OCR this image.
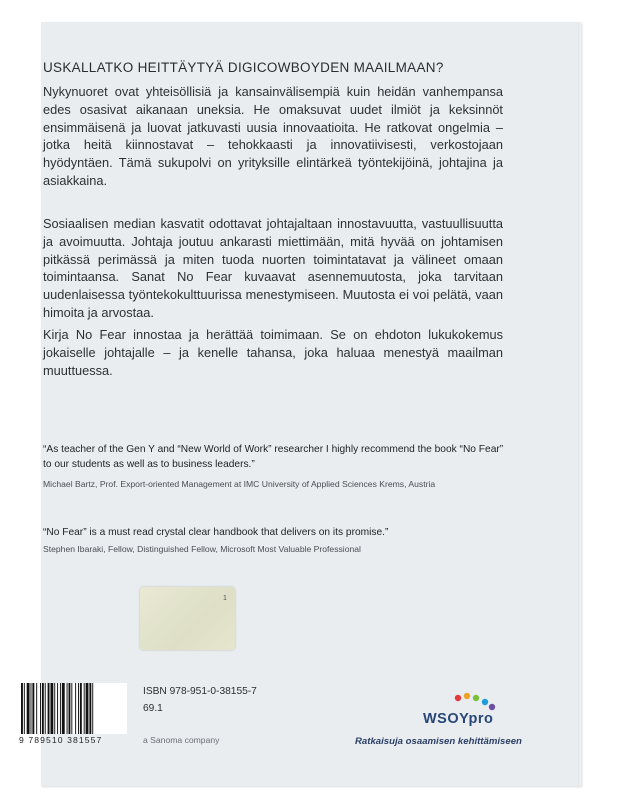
USKALLATKO HEITTÄYTYÄ DIGICOWBOYDEN MAAILMAAN?

Nykynuoret ovat yhteisöllisiä ja kansainvälisempiä kuin heidän vanhempansa edes osasivat aikanaan uneksia. He omaksuvat uudet ilmiöt ja keksinnöt ensimmäisenä ja luovat jatkuvasti uusia innovaatioita. He ratkovat ongelmia – jotka heitä kiinnostavat – tehokkaasti ja innovatiivisesti, verkostojaan hyödyntäen. Tämä sukupolvi on yrityksille elintärkeä työntekijöinä, johtajina ja asiakkaina.

Sosiaalisen median kasvatit odottavat johtajaltaan innostavuutta, vastuullisuutta ja avoimuutta. Johtaja joutuu ankarasti miettimään, mitä hyvää on johtamisen pitkässä perimässä ja miten tuoda nuorten toimintatavat ja välineet omaan toimintaansa. Sanat No Fear kuvaavat asennemuutosta, joka tarvitaan uudenlaisessa työntekokulttuurissa menestymiseen. Muutosta ei voi pelätä, vaan himoita ja arvostaa.

Kirja No Fear innostaa ja herättää toimimaan. Se on ehdoton lukukokemus jokaiselle johtajalle – ja kenelle tahansa, joka haluaa menestyä maailman muuttuessa.

“As teacher of the Gen Y and “New World of Work” researcher I highly recommend the book “No Fear” to our students as well as to business leaders.”

Michael Bartz, Prof. Export-oriented Management at IMC University of Applied Sciences Krems, Austria

“No Fear” is a must read crystal clear handbook that delivers on its promise.”

Stephen Ibaraki, Fellow, Distinguished Fellow, Microsoft Most Valuable Professional

1
9 789510 381557
ISBN 978-951-0-38155-7
69.1
a Sanoma company
WSOYpro
Ratkaisuja osaamisen kehittämiseen
